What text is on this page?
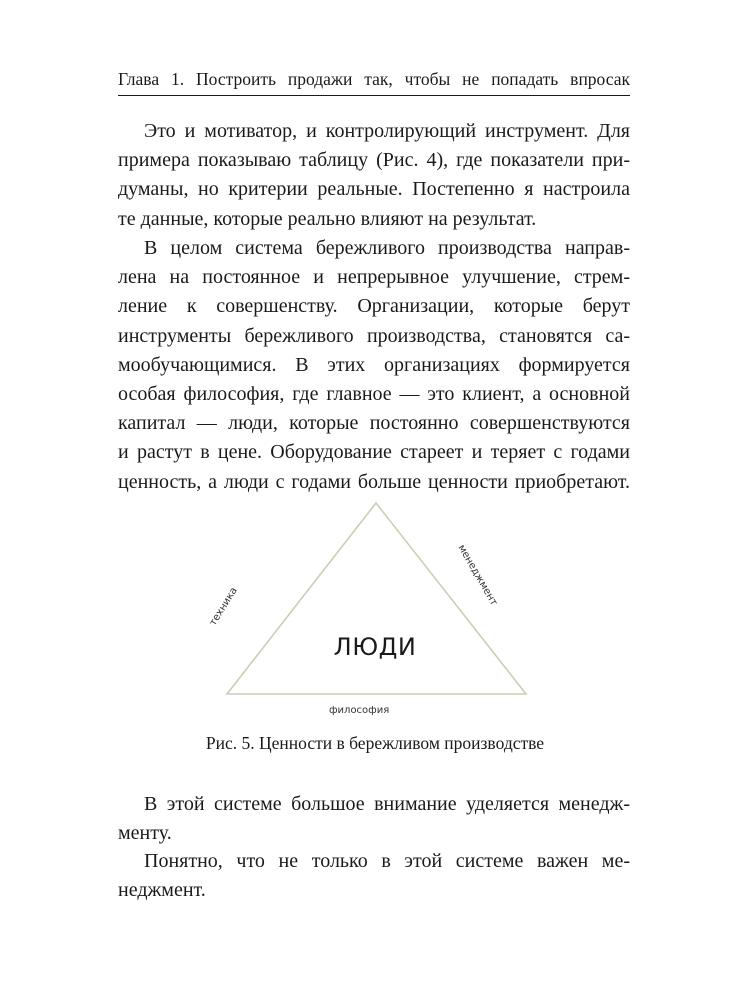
Глава 1. Построить продажи так, чтобы не попадать впросак

Это и мотиватор, и контролирующий инструмент. Для
примера показываю таблицу (Рис. 4), где показатели при-
думаны, но критерии реальные. Постепенно я настроила
те данные, которые реально влияют на результат.

В целом система бережливого производства направ-
лена на постоянное и непрерывное улучшение, стрем-
ление к совершенству. Организации, которые берут
инструменты бережливого производства, становятся са-
мообучающимися. В этих организациях формируется
особая философия, где главное — это клиент, а основной
капитал — люди, которые постоянно совершенствуются
и растут в цене. Оборудование стареет и теряет с годами
ценность, а люди с годами больше ценности приобретают.

техника	менеджмент
философия
ЛЮДИ
Рис. 5. Ценности в бережливом производстве

В этой системе большое внимание уделяется менедж-
менту.

Понятно, что не только в этой системе важен ме-
неджмент.
